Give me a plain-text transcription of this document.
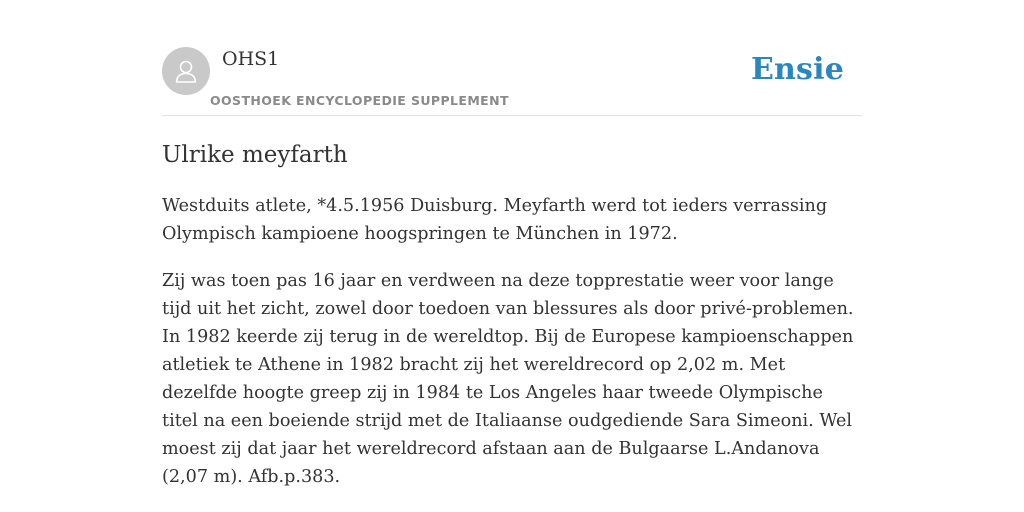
OHS1
OOSTHOEK ENCYCLOPEDIE SUPPLEMENT
Ensie
Ulrike meyfarth

Westduits atlete, *4.5.1956 Duisburg. Meyfarth werd tot ieders verrassing Olympisch kampioene hoogspringen te München in 1972.

Zij was toen pas 16 jaar en verdween na deze topprestatie weer voor lange tijd uit het zicht, zowel door toedoen van blessures als door privé-problemen. In 1982 keerde zij terug in de wereldtop. Bij de Europese kampioenschappen atletiek te Athene in 1982 bracht zij het wereldrecord op 2,02 m. Met dezelfde hoogte greep zij in 1984 te Los Angeles haar tweede Olympische titel na een boeiende strijd met de Italiaanse oudgediende Sara Simeoni. Wel moest zij dat jaar het wereldrecord afstaan aan de Bulgaarse L.Andanova (2,07 m). Afb.p.383.
